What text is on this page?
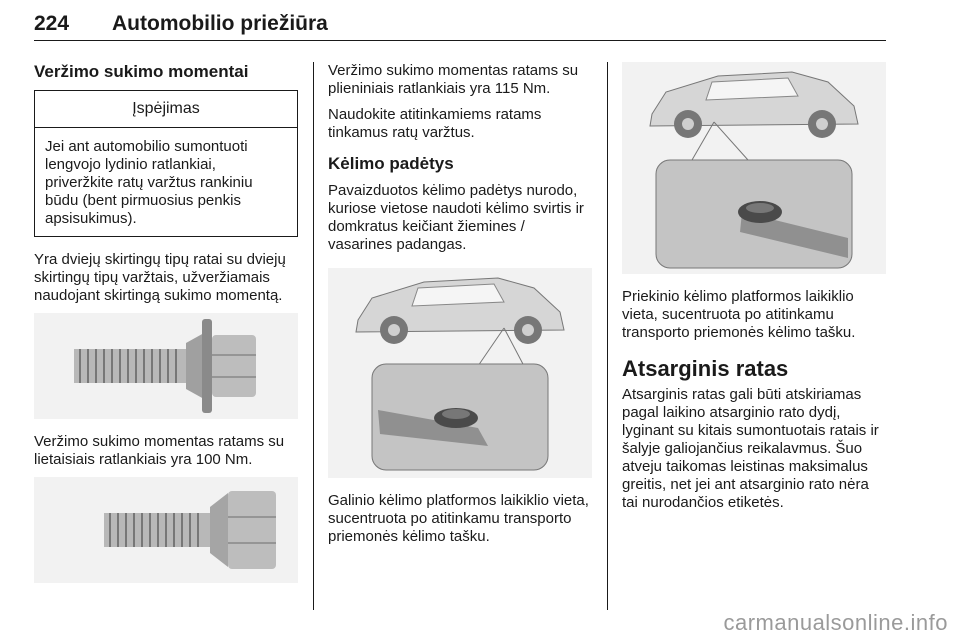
224 Automobilio priežiūra
Veržimo sukimo momentai
Įspėjimas
Jei ant automobilio sumontuoti lengvojo lydinio ratlankiai, priveržkite ratų varžtus rankiniu būdu (bent pirmuosius penkis apsisukimus).
Yra dviejų skirtingų tipų ratai su dviejų skirtingų tipų varžtais, užveržiamais naudojant skirtingą sukimo momentą.
Veržimo sukimo momentas ratams su lietaisiais ratlankiais yra 100 Nm.
Veržimo sukimo momentas ratams su plieniniais ratlankiais yra 115 Nm.
Naudokite atitinkamiems ratams tinkamus ratų varžtus.
Kėlimo padėtys
Pavaizduotos kėlimo padėtys nurodo, kuriose vietose naudoti kėlimo svirtis ir domkratus keičiant žiemines / vasarines padangas.
Galinio kėlimo platformos laikiklio vieta, sucentruota po atitinkamu transporto priemonės kėlimo tašku.
Priekinio kėlimo platformos laikiklio vieta, sucentruota po atitinkamu transporto priemonės kėlimo tašku.
Atsarginis ratas
Atsarginis ratas gali būti atskiriamas pagal laikino atsarginio rato dydį, lyginant su kitais sumontuotais ratais ir šalyje galiojančius reikalavmus. Šuo atveju taikomas leistinas maksimalus greitis, net jei ant atsarginio rato nėra tai nurodančios etiketės.
carmanualsonline.info
